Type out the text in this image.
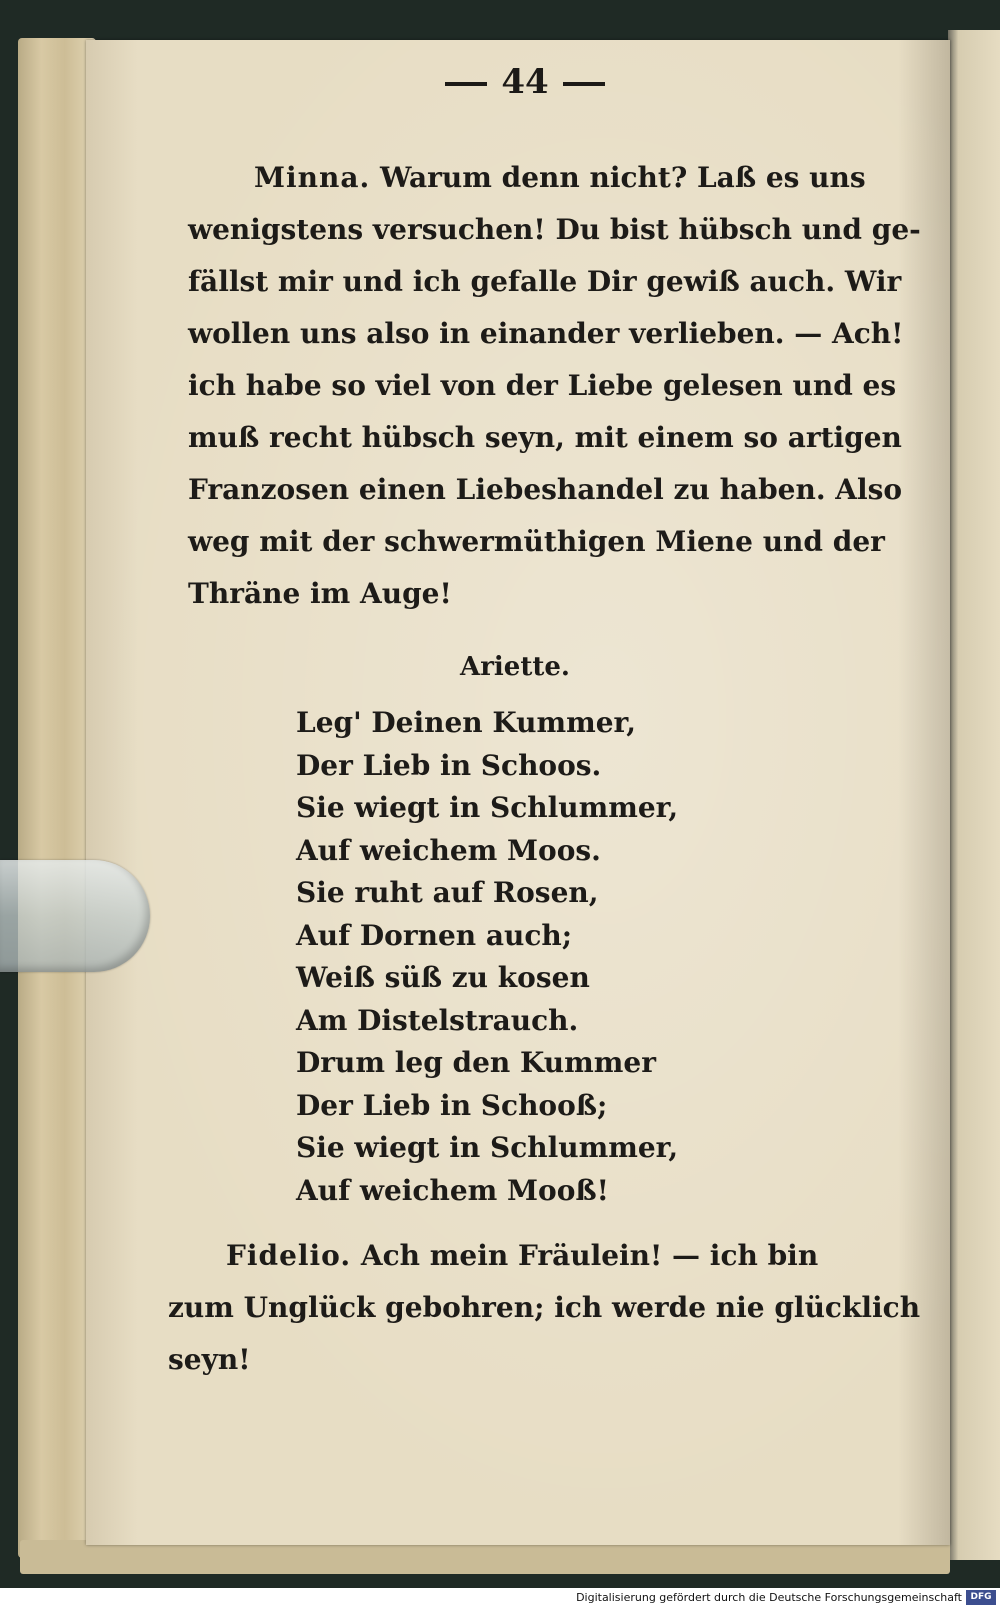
44
Minna. Warum denn nicht? Laß es uns
wenigstens versuchen! Du bist hübsch und ge-
fällst mir und ich gefalle Dir gewiß auch. Wir
wollen uns also in einander verlieben. — Ach!
ich habe so viel von der Liebe gelesen und es
muß recht hübsch seyn, mit einem so artigen
Franzosen einen Liebeshandel zu haben. Also
weg mit der schwermüthigen Miene und der
Thräne im Auge!
Ariette.
Leg' Deinen Kummer,
Der Lieb in Schoos.
Sie wiegt in Schlummer,
Auf weichem Moos.
Sie ruht auf Rosen,
Auf Dornen auch;
Weiß süß zu kosen
Am Distelstrauch.
Drum leg den Kummer
Der Lieb in Schooß;
Sie wiegt in Schlummer,
Auf weichem Mooß!
Fidelio. Ach mein Fräulein! — ich bin
zum Unglück gebohren; ich werde nie glücklich
seyn!
Digitalisierung gefördert durch die Deutsche Forschungsgemeinschaft DFG
